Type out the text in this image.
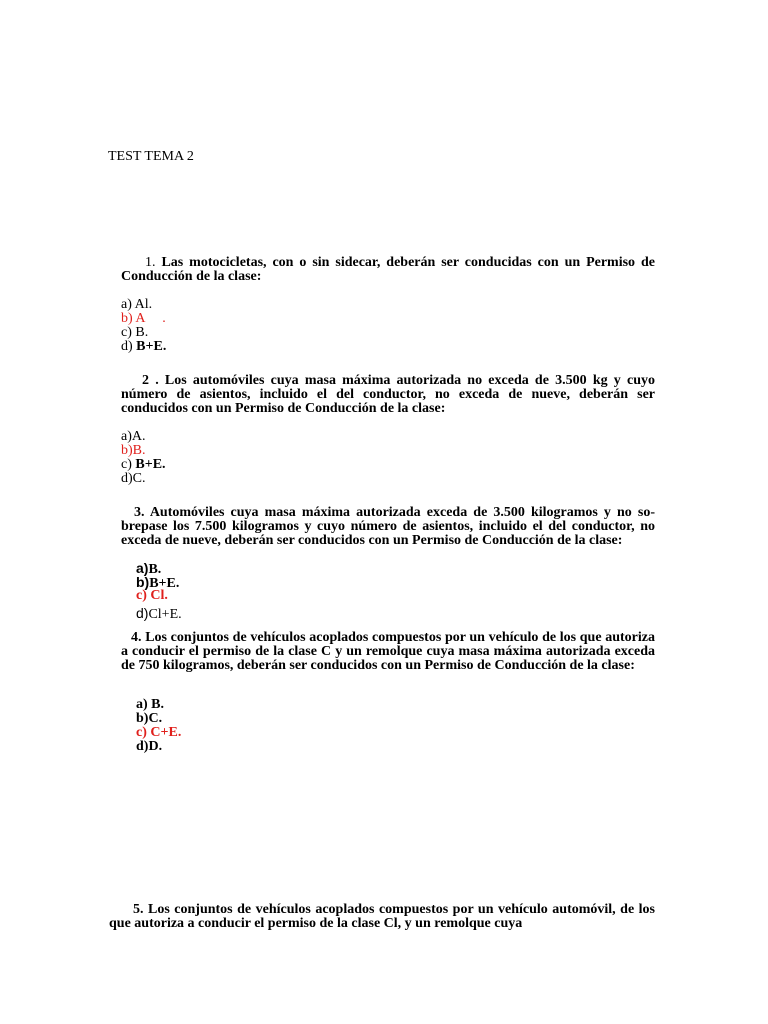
TEST TEMA 2
1. Las motocicletas, con o sin sidecar, deberán ser conducidas con un Permiso de Conducción de la clase:
a) Al.
b) A .
c) B.
d) B+E.
2 . Los automóviles cuya masa máxima autorizada no exceda de 3.500 kg y cuyo número de asientos, incluido el del conductor, no exceda de nueve, deberán ser conducidos con un Permiso de Conducción de la clase:
a)A.
b)B.
c) B+E.
d)C.
3. Automóviles cuya masa máxima autorizada exceda de 3.500 kilogramos y no so-brepase los 7.500 kilogramos y cuyo número de asientos, incluido el del conductor, no exceda de nueve, deberán ser conducidos con un Permiso de Conducción de la clase:
a)B.
b)B+E.
c) Cl.
d)Cl+E.
4. Los conjuntos de vehículos acoplados compuestos por un vehículo de los que autoriza a conducir el permiso de la clase C y un remolque cuya masa máxima autorizada exceda de 750 kilogramos, deberán ser conducidos con un Permiso de Conducción de la clase:
a) B.
b)C.
c) C+E.
d)D.
5. Los conjuntos de vehículos acoplados compuestos por un vehículo automóvil, de los que autoriza a conducir el permiso de la clase Cl, y un remolque cuya
